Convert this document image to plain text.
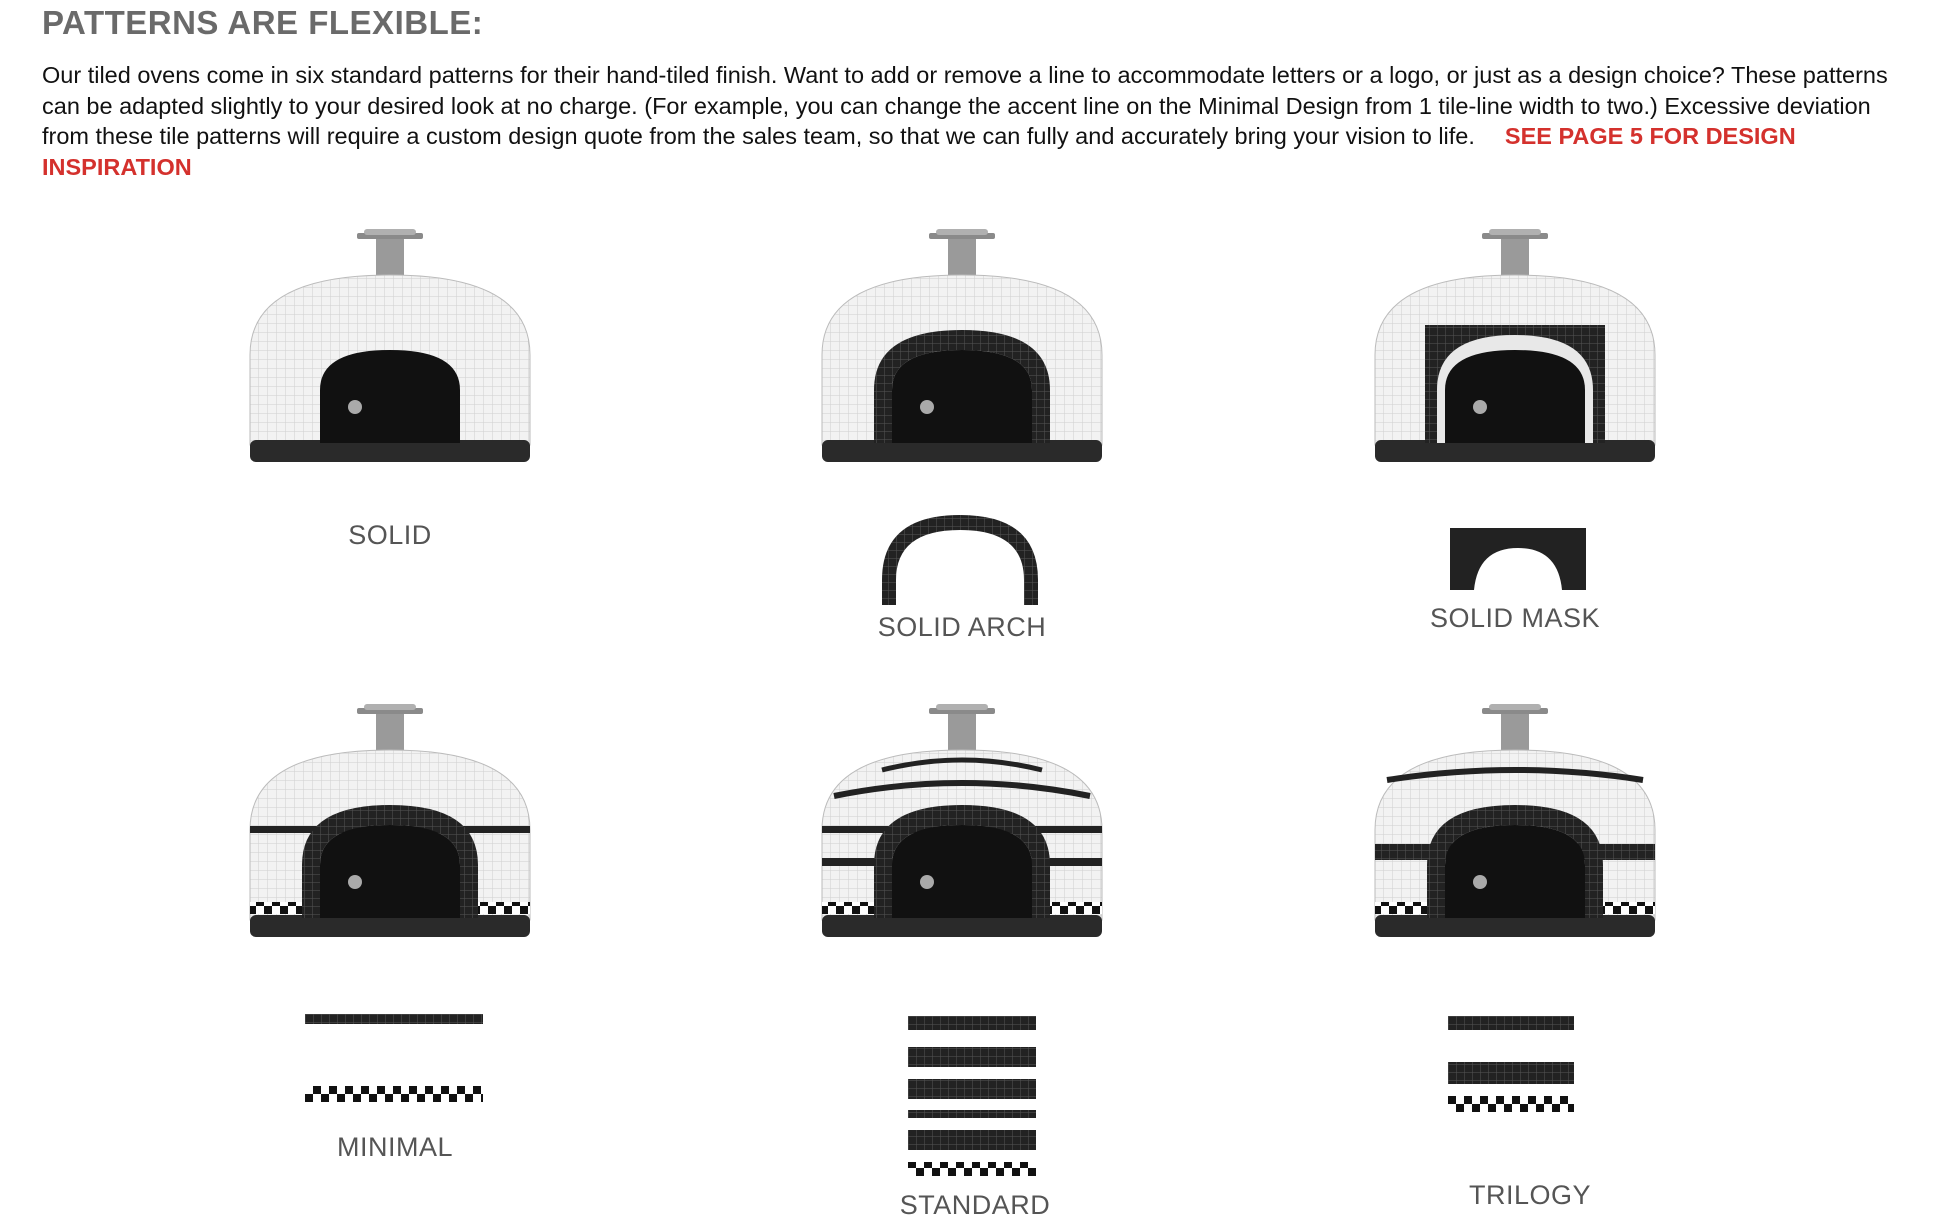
PATTERNS ARE FLEXIBLE:
Our tiled ovens come in six standard patterns for their hand-tiled finish. Want to add or remove a line to accommodate letters or a logo, or just as a design choice? These patterns can be adapted slightly to your desired look at no charge. (For example, you can change the accent line on the Minimal Design from 1 tile-line width to two.) Excessive deviation from these tile patterns will require a custom design quote from the sales team, so that we can fully and accurately bring your vision to life. SEE PAGE 5 FOR DESIGN INSPIRATION
SOLID
SOLID ARCH	SOLID MASK
MINIMAL
STANDARD	TRILOGY
